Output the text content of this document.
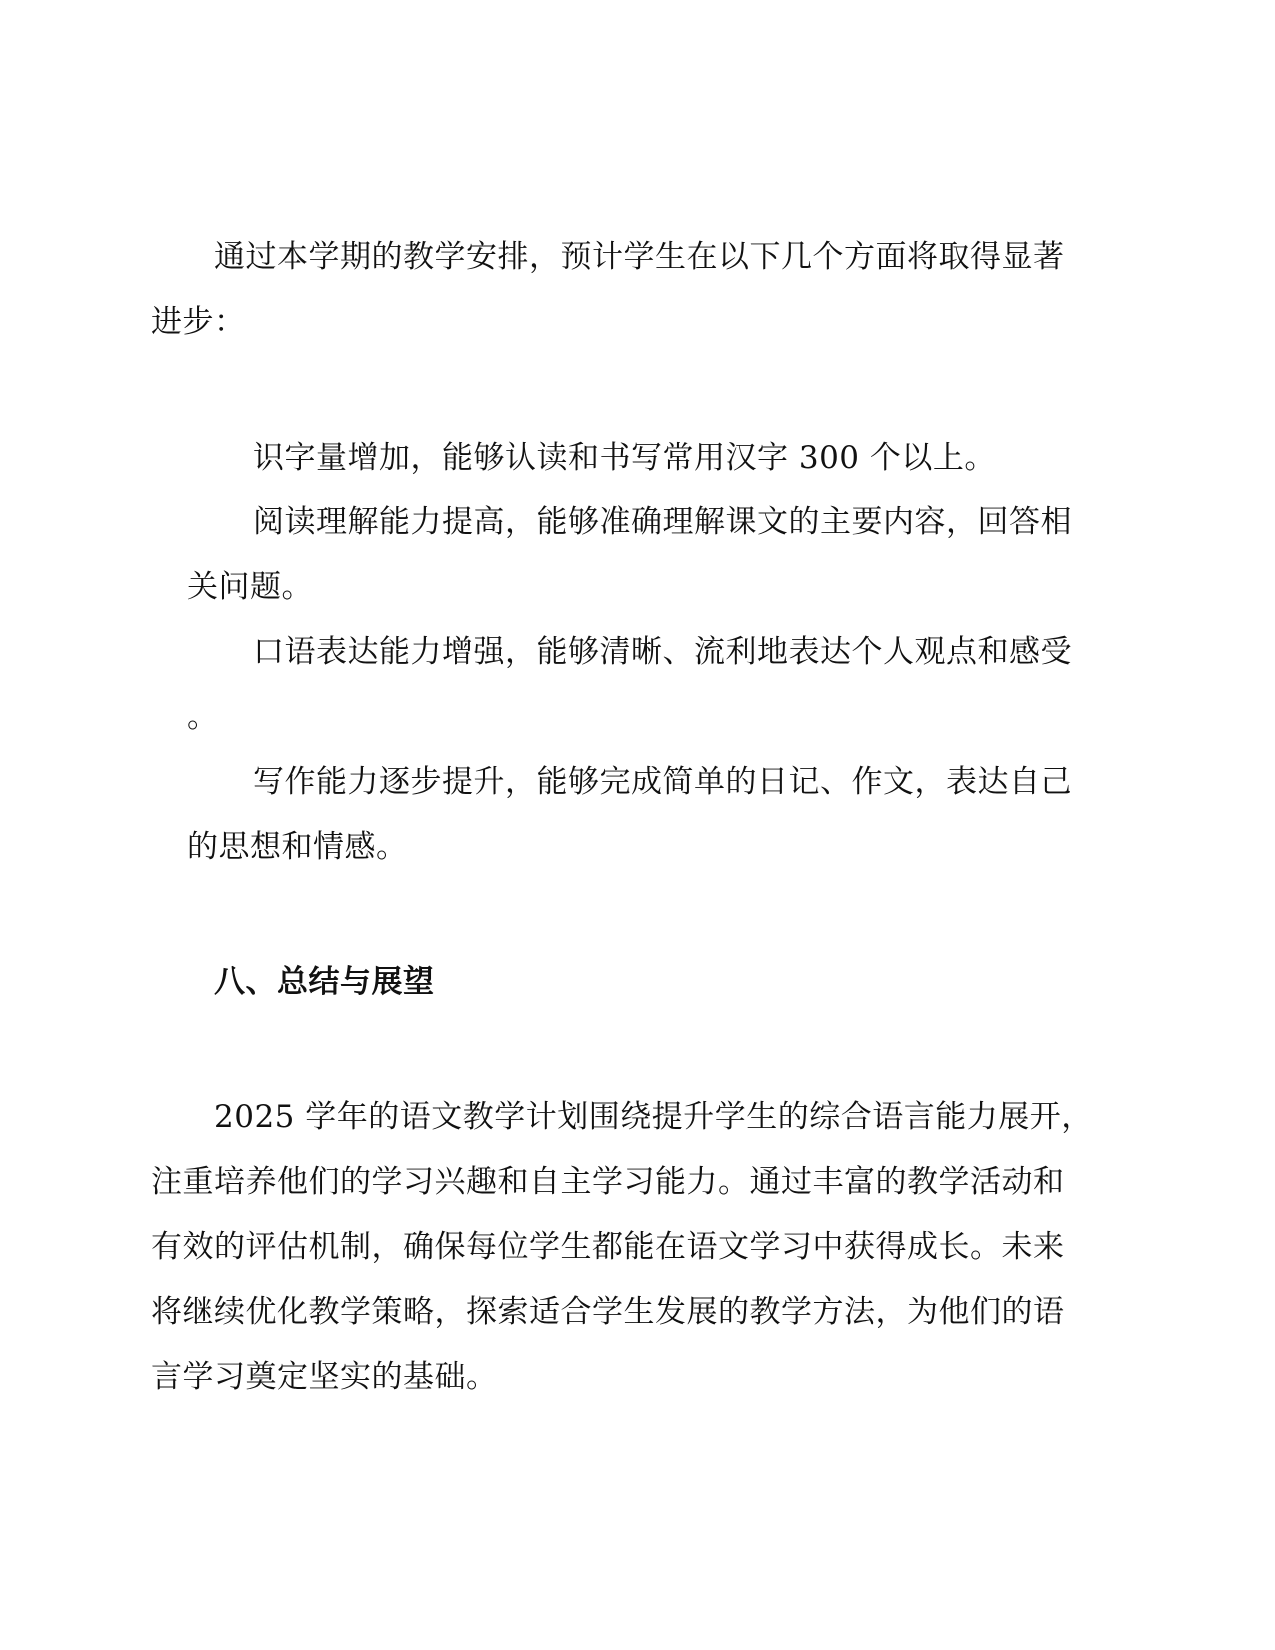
通过本学期的教学安排，预计学生在以下几个方面将取得显著
进步：
识字量增加，能够认读和书写常用汉字 300 个以上。
阅读理解能力提高，能够准确理解课文的主要内容，回答相
关问题。
口语表达能力增强，能够清晰、流利地表达个人观点和感受
。
写作能力逐步提升，能够完成简单的日记、作文，表达自己
的思想和情感。
八、总结与展望
2025 学年的语文教学计划围绕提升学生的综合语言能力展开，
注重培养他们的学习兴趣和自主学习能力。通过丰富的教学活动和
有效的评估机制，确保每位学生都能在语文学习中获得成长。未来
将继续优化教学策略，探索适合学生发展的教学方法，为他们的语
言学习奠定坚实的基础。
